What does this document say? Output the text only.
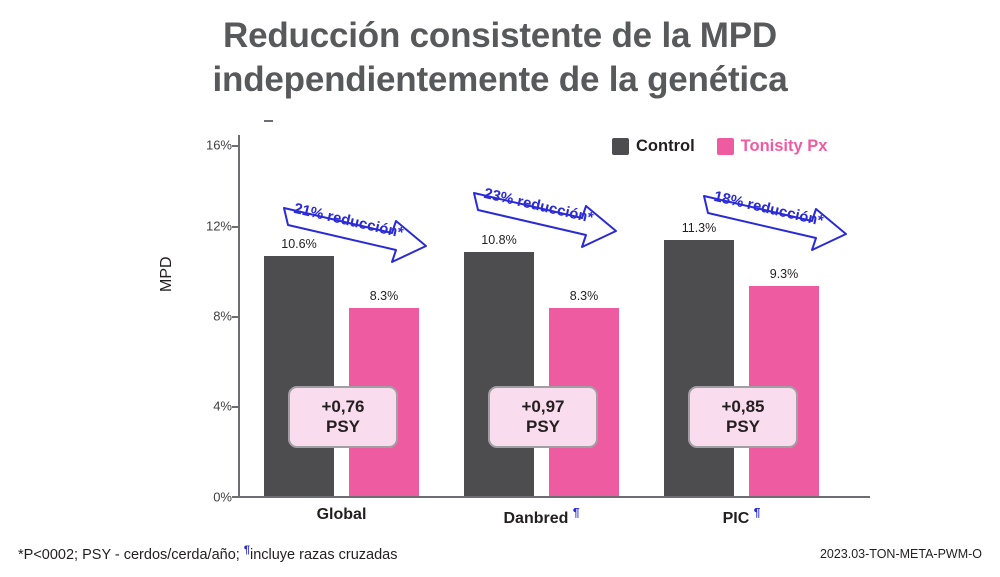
Reducción consistente de la MPD
independientemente de la genética
MPD
0%
4%
8%
12%
16%	Control	Tonisity Px
10.6%
8.3%
Global
10.8%
8.3%
Danbred ¶
11.3%
9.3%
PIC ¶
21% reducción*	23% reducción*	18% reducción*
+0,76
PSY
+0,97
PSY
+0,85
PSY
*P<0002; PSY - cerdos/cerda/año; ¶incluye razas cruzadas	2023.03-TON-META-PWM-O
